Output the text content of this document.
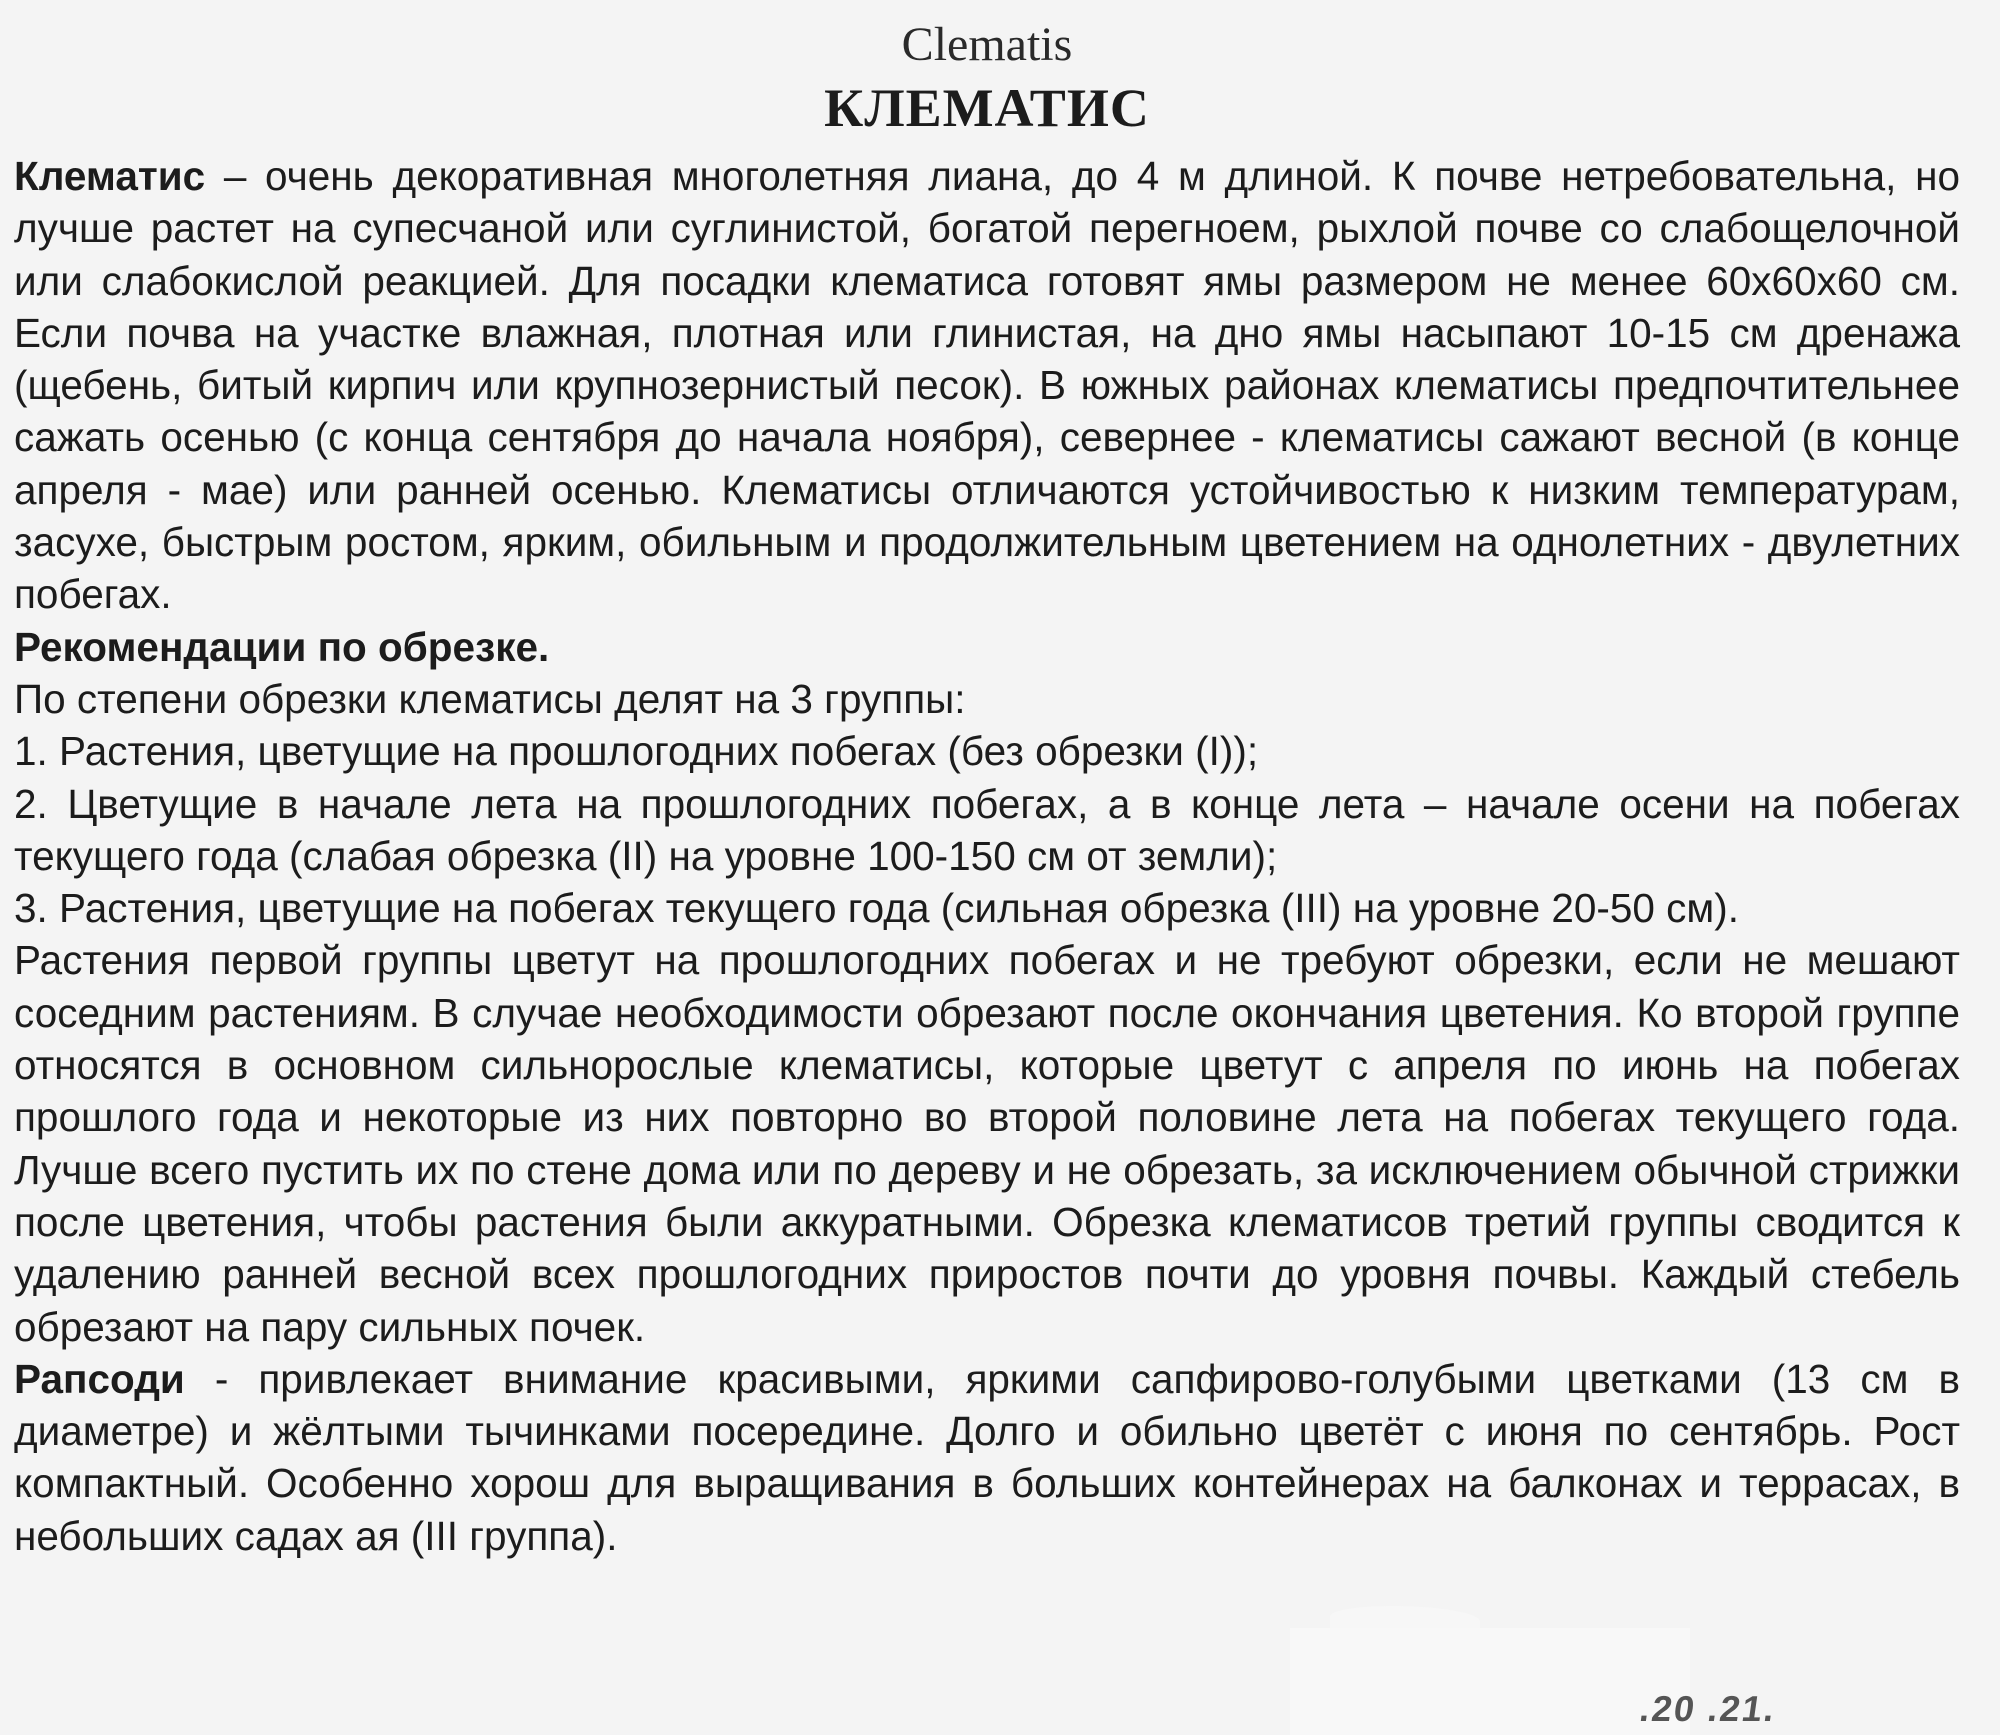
Clematis
КЛЕМАТИС

Клематис – очень декоративная многолетняя лиана, до 4 м длиной. К почве нетребовательна, но лучше растет на супесчаной или суглинистой, богатой перегноем, рыхлой почве со слабощелочной или слабокислой реакцией. Для посадки клематиса готовят ямы размером не менее 60х60х60 см. Если почва на участке влажная, плотная или глинистая, на дно ямы насыпают 10-15 см дренажа (щебень, битый кирпич или крупнозернистый песок). В южных районах клематисы предпочтительнее сажать осенью (с конца сентября до начала ноября), севернее - клематисы сажают весной (в конце апреля - мае) или ранней осенью. Клематисы отличаются устойчивостью к низким температурам, засухе, быстрым ростом, ярким, обильным и продолжительным цветением на однолетних - двулетних побегах.

Рекомендации по обрезке.

По степени обрезки клематисы делят на 3 группы:

1. Растения, цветущие на прошлогодних побегах (без обрезки (I));

2. Цветущие в начале лета на прошлогодних побегах, а в конце лета – начале осени на побегах текущего года (слабая обрезка (II) на уровне 100-150 см от земли);

3. Растения, цветущие на побегах текущего года (сильная обрезка (III) на уровне 20-50 см).

Растения первой группы цветут на прошлогодних побегах и не требуют обрезки, если не мешают соседним растениям. В случае необходимости обрезают после окончания цветения. Ко второй группе относятся в основном сильнорослые клематисы, которые цветут с апреля по июнь на побегах прошлого года и некоторые из них повторно во второй половине лета на побегах текущего года. Лучше всего пустить их по стене дома или по дереву и не обрезать, за исключением обычной стрижки после цветения, чтобы растения были аккуратными. Обрезка клематисов третий группы сводится к удалению ранней весной всех прошлогодних приростов почти до уровня почвы. Каждый стебель обрезают на пару сильных почек.

Рапсоди - привлекает внимание красивыми, яркими сапфирово-голубыми цветками (13 см в диаметре) и жёлтыми тычинками посередине. Долго и обильно цветёт с июня по сентябрь. Рост компактный. Особенно хорош для выращивания в больших контейнерах на балконах и террасах, в небольших садах ая (III группа).

.20 .21.
